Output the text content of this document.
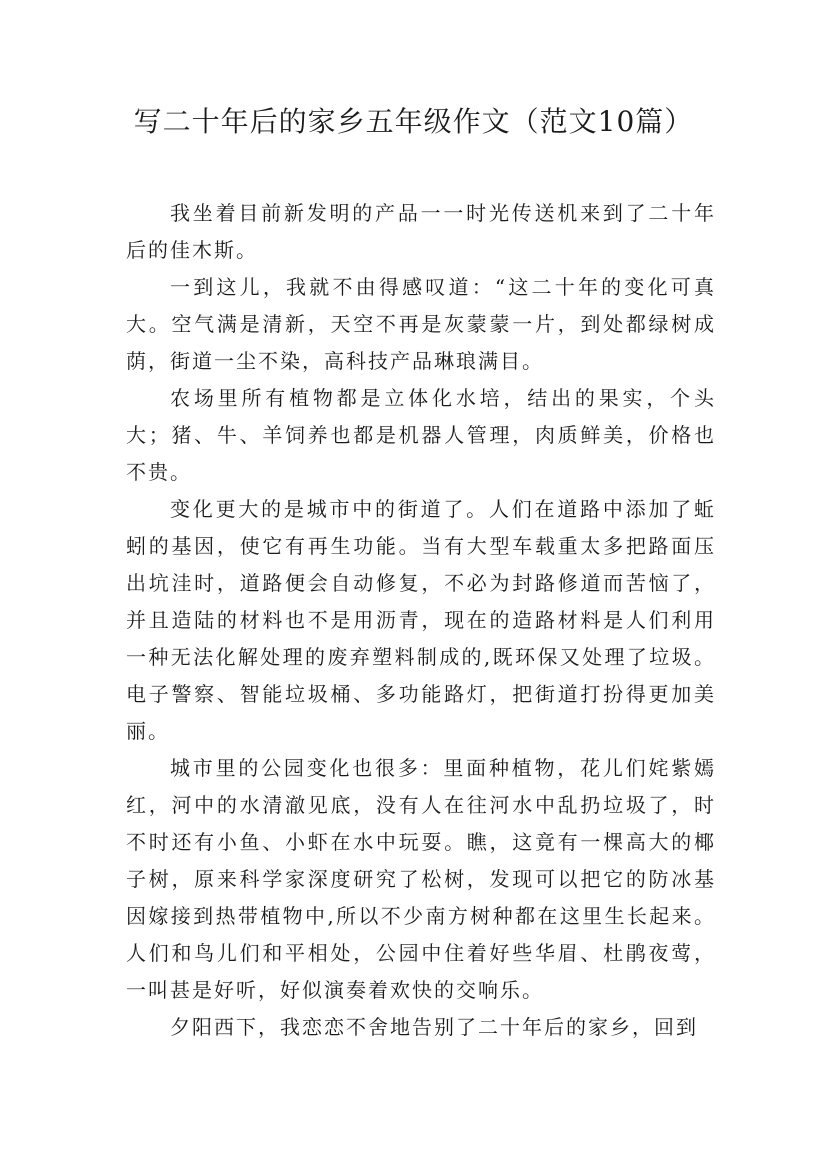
写二十年后的家乡五年级作文（范文10篇）

我坐着目前新发明的产品一一时光传送机来到了二十年后的佳木斯。

一到这儿，我就不由得感叹道：“这二十年的变化可真大。空气满是清新，天空不再是灰蒙蒙一片，到处都绿树成荫，街道一尘不染，高科技产品琳琅满目。

农场里所有植物都是立体化水培，结出的果实，个头大；猪、牛、羊饲养也都是机器人管理，肉质鲜美，价格也不贵。

变化更大的是城市中的街道了。人们在道路中添加了蚯蚓的基因，使它有再生功能。当有大型车载重太多把路面压出坑洼时，道路便会自动修复，不必为封路修道而苦恼了，并且造陆的材料也不是用沥青，现在的造路材料是人们利用一种无法化解处理的废弃塑料制成的,既环保又处理了垃圾。电子警察、智能垃圾桶、多功能路灯，把街道打扮得更加美丽。

城市里的公园变化也很多：里面种植物，花儿们姹紫嫣红，河中的水清澈见底，没有人在往河水中乱扔垃圾了，时不时还有小鱼、小虾在水中玩耍。瞧，这竟有一棵高大的椰子树，原来科学家深度研究了松树，发现可以把它的防冰基因嫁接到热带植物中,所以不少南方树种都在这里生长起来。人们和鸟儿们和平相处，公园中住着好些华眉、杜鹃夜莺，一叫甚是好听，好似演奏着欢快的交响乐。

夕阳西下，我恋恋不舍地告别了二十年后的家乡，回到
